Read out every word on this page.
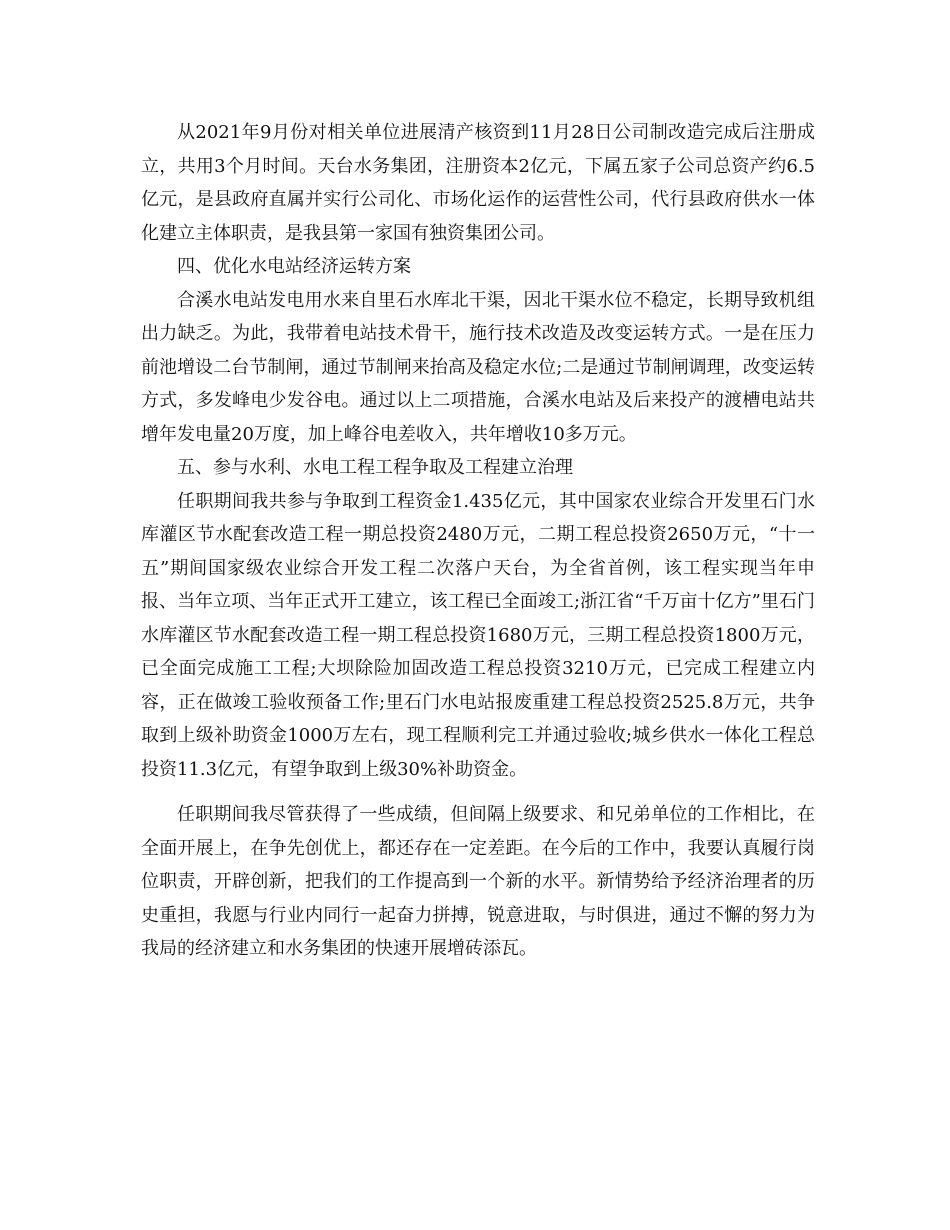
从2021年9月份对相关单位进展清产核资到11月28日公司制改造完成后注册成立，共用3个月时间。天台水务集团，注册资本2亿元，下属五家子公司总资产约6.5亿元，是县政府直属并实行公司化、市场化运作的运营性公司，代行县政府供水一体化建立主体职责，是我县第一家国有独资集团公司。

四、优化水电站经济运转方案

合溪水电站发电用水来自里石水库北干渠，因北干渠水位不稳定，长期导致机组出力缺乏。为此，我带着电站技术骨干，施行技术改造及改变运转方式。一是在压力前池增设二台节制闸，通过节制闸来抬高及稳定水位;二是通过节制闸调理，改变运转方式，多发峰电少发谷电。通过以上二项措施，合溪水电站及后来投产的渡槽电站共增年发电量20万度，加上峰谷电差收入，共年增收10多万元。

五、参与水利、水电工程工程争取及工程建立治理

任职期间我共参与争取到工程资金1.435亿元，其中国家农业综合开发里石门水库灌区节水配套改造工程一期总投资2480万元，二期工程总投资2650万元，“十一五”期间国家级农业综合开发工程二次落户天台，为全省首例，该工程实现当年申报、当年立项、当年正式开工建立，该工程已全面竣工;浙江省“千万亩十亿方”里石门水库灌区节水配套改造工程一期工程总投资1680万元，三期工程总投资1800万元，已全面完成施工工程;大坝除险加固改造工程总投资3210万元，已完成工程建立内容，正在做竣工验收预备工作;里石门水电站报废重建工程总投资2525.8万元，共争取到上级补助资金1000万左右，现工程顺利完工并通过验收;城乡供水一体化工程总投资11.3亿元，有望争取到上级30%补助资金。

任职期间我尽管获得了一些成绩，但间隔上级要求、和兄弟单位的工作相比，在全面开展上，在争先创优上，都还存在一定差距。在今后的工作中，我要认真履行岗位职责，开辟创新，把我们的工作提高到一个新的水平。新情势给予经济治理者的历史重担，我愿与行业内同行一起奋力拼搏，锐意进取，与时俱进，通过不懈的努力为我局的经济建立和水务集团的快速开展增砖添瓦。
